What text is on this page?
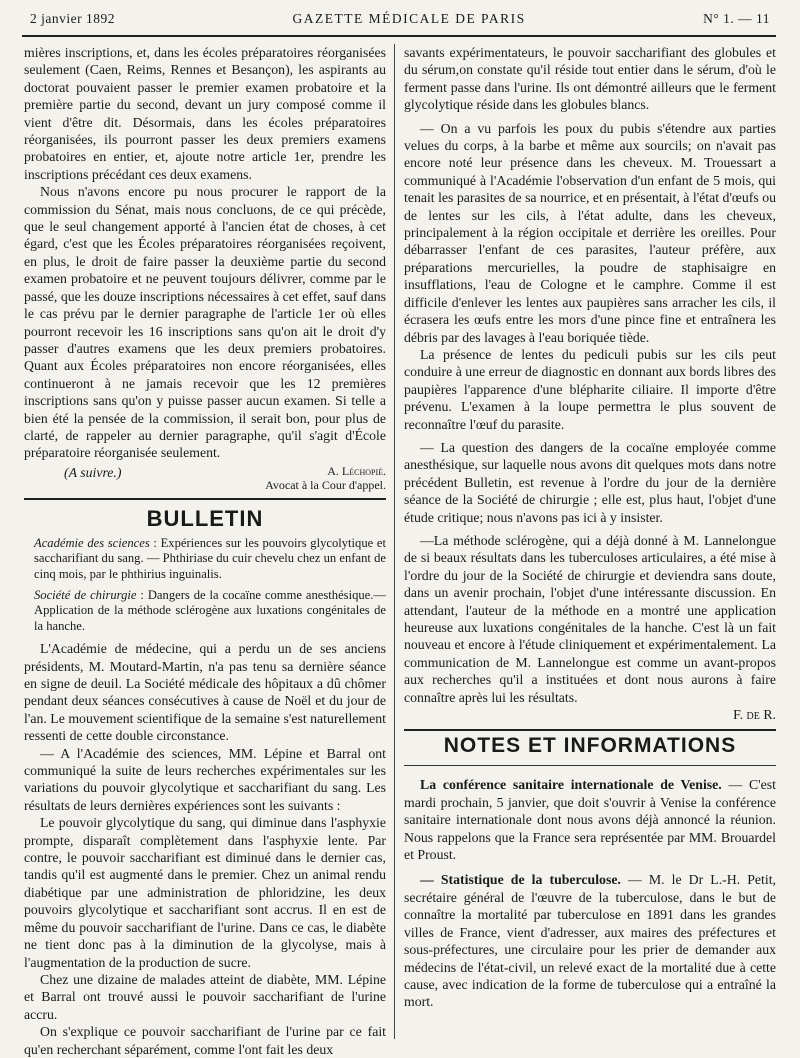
2 janvier 1892	GAZETTE MÉDICALE DE PARIS	N° 1. — 11

mières inscriptions, et, dans les écoles préparatoires réorganisées seulement (Caen, Reims, Rennes et Besançon), les aspirants au doctorat pouvaient passer le premier examen probatoire et la première partie du second, devant un jury composé comme il vient d'être dit. Désormais, dans les écoles préparatoires réorganisées, ils pourront passer les deux premiers examens probatoires en entier, et, ajoute notre article 1er, prendre les inscriptions précédant ces deux examens.

Nous n'avons encore pu nous procurer le rapport de la commission du Sénat, mais nous concluons, de ce qui précède, que le seul changement apporté à l'ancien état de choses, à cet égard, c'est que les Écoles préparatoires réorganisées reçoivent, en plus, le droit de faire passer la deuxième partie du second examen probatoire et ne peuvent toujours délivrer, comme par le passé, que les douze inscriptions nécessaires à cet effet, sauf dans le cas prévu par le dernier paragraphe de l'article 1er où elles pourront recevoir les 16 inscriptions sans qu'on ait le droit d'y passer d'autres examens que les deux premiers probatoires. Quant aux Écoles préparatoires non encore réorganisées, elles continueront à ne jamais recevoir que les 12 premières inscriptions sans qu'on y puisse passer aucun examen. Si telle a bien été la pensée de la commission, il serait bon, pour plus de clarté, de rappeler au dernier paragraphe, qu'il s'agit d'École préparatoire réorganisée seulement.

(A suivre.)	A. Léchopié.
Avocat à la Cour d'appel.
BULLETIN

Académie des sciences : Expériences sur les pouvoirs glycolytique et saccharifiant du sang. — Phthiriase du cuir chevelu chez un enfant de cinq mois, par le phthirius inguinalis.

Société de chirurgie : Dangers de la cocaïne comme anesthésique.— Application de la méthode sclérogène aux luxations congénitales de la hanche.

L'Académie de médecine, qui a perdu un de ses anciens présidents, M. Moutard-Martin, n'a pas tenu sa dernière séance en signe de deuil. La Société médicale des hôpitaux a dû chômer pendant deux séances consécutives à cause de Noël et du jour de l'an. Le mouvement scientifique de la semaine s'est naturellement ressenti de cette double circonstance.

— A l'Académie des sciences, MM. Lépine et Barral ont communiqué la suite de leurs recherches expérimentales sur les variations du pouvoir glycolytique et saccharifiant du sang. Les résultats de leurs dernières expériences sont les suivants :

Le pouvoir glycolytique du sang, qui diminue dans l'asphyxie prompte, disparaît complètement dans l'asphyxie lente. Par contre, le pouvoir saccharifiant est diminué dans le dernier cas, tandis qu'il est augmenté dans le premier. Chez un animal rendu diabétique par une administration de phloridzine, les deux pouvoirs glycolytique et saccharifiant sont accrus. Il en est de même du pouvoir saccharifiant de l'urine. Dans ce cas, le diabète ne tient donc pas à la diminution de la glycolyse, mais à l'augmentation de la production de sucre.

Chez une dizaine de malades atteint de diabète, MM. Lépine et Barral ont trouvé aussi le pouvoir saccharifiant de l'urine accru.

On s'explique ce pouvoir saccharifiant de l'urine par ce fait qu'en recherchant séparément, comme l'ont fait les deux

savants expérimentateurs, le pouvoir saccharifiant des globules et du sérum,on constate qu'il réside tout entier dans le sérum, d'où le ferment passe dans l'urine. Ils ont démontré ailleurs que le ferment glycolytique réside dans les globules blancs.

— On a vu parfois les poux du pubis s'étendre aux parties velues du corps, à la barbe et même aux sourcils; on n'avait pas encore noté leur présence dans les cheveux. M. Trouessart a communiqué à l'Académie l'observation d'un enfant de 5 mois, qui tenait les parasites de sa nourrice, et en présentait, à l'état d'œufs ou de lentes sur les cils, à l'état adulte, dans les cheveux, principalement à la région occipitale et derrière les oreilles. Pour débarrasser l'enfant de ces parasites, l'auteur préfère, aux préparations mercurielles, la poudre de staphisaigre en insufflations, l'eau de Cologne et le camphre. Comme il est difficile d'enlever les lentes aux paupières sans arracher les cils, il écrasera les œufs entre les mors d'une pince fine et entraînera les débris par des lavages à l'eau boriquée tiède.

La présence de lentes du pediculi pubis sur les cils peut conduire à une erreur de diagnostic en donnant aux bords libres des paupières l'apparence d'une blépharite ciliaire. Il importe d'être prévenu. L'examen à la loupe permettra le plus souvent de reconnaître l'œuf du parasite.

— La question des dangers de la cocaïne employée comme anesthésique, sur laquelle nous avons dit quelques mots dans notre précédent Bulletin, est revenue à l'ordre du jour de la dernière séance de la Société de chirurgie ; elle est, plus haut, l'objet d'une étude critique; nous n'avons pas ici à y insister.

—La méthode sclérogène, qui a déjà donné à M. Lannelongue de si beaux résultats dans les tuberculoses articulaires, a été mise à l'ordre du jour de la Société de chirurgie et deviendra sans doute, dans un avenir prochain, l'objet d'une intéressante discussion. En attendant, l'auteur de la méthode en a montré une application heureuse aux luxations congénitales de la hanche. C'est là un fait nouveau et encore à l'étude cliniquement et expérimentalement. La communication de M. Lannelongue est comme un avant-propos aux recherches qu'il a instituées et dont nous aurons à faire connaître après lui les résultats.

F. de R.

NOTES ET INFORMATIONS

La conférence sanitaire internationale de Venise. — C'est mardi prochain, 5 janvier, que doit s'ouvrir à Venise la conférence sanitaire internationale dont nous avons déjà annoncé la réunion. Nous rappelons que la France sera représentée par MM. Brouardel et Proust.

— Statistique de la tuberculose. — M. le Dr L.-H. Petit, secrétaire général de l'œuvre de la tuberculose, dans le but de connaître la mortalité par tuberculose en 1891 dans les grandes villes de France, vient d'adresser, aux maires des préfectures et sous-préfectures, une circulaire pour les prier de demander aux médecins de l'état-civil, un relevé exact de la mortalité due à cette cause, avec indication de la forme de tuberculose qui a entraîné la mort.
